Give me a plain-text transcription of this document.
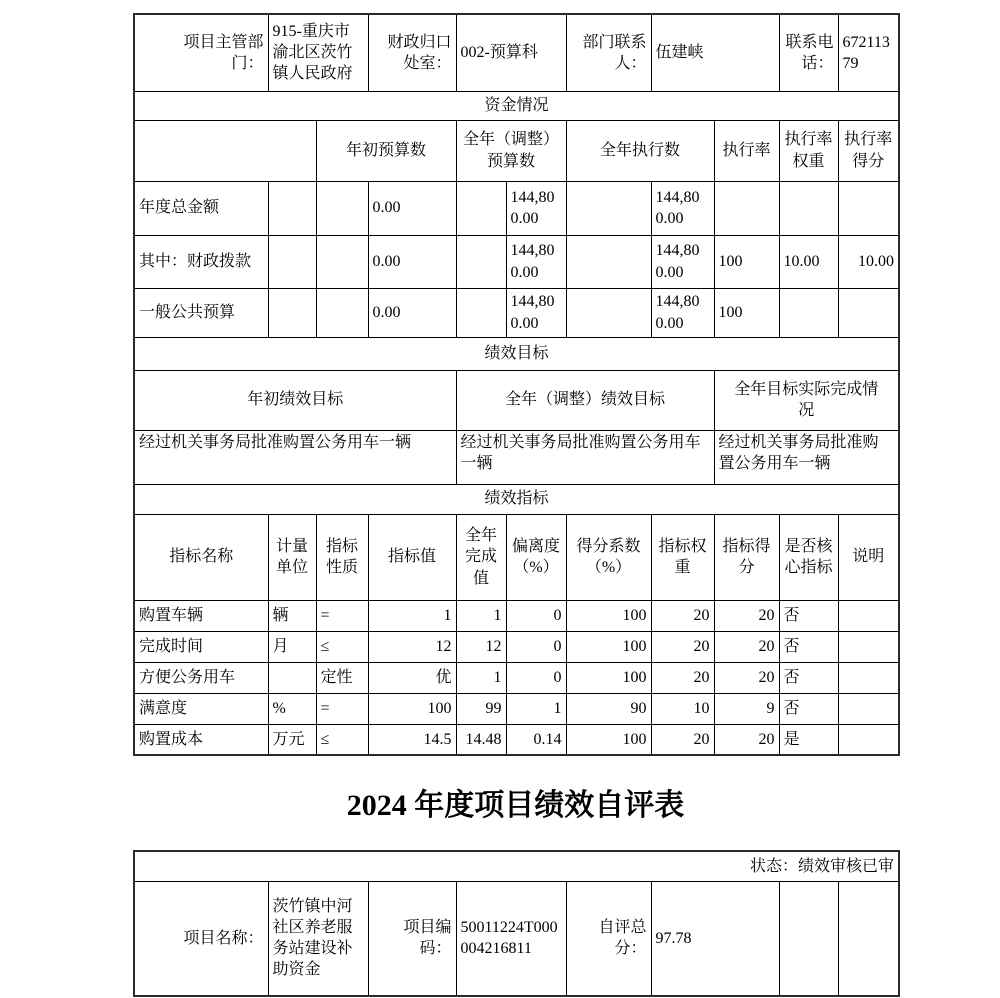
项目主管部门：	915-重庆市渝北区茨竹镇人民政府		财政归口处室：	002-预算科		部门联系人：	伍建峡		联系电话：	67211379
资金情况										
		年初预算数		全年（调整）预算数		全年执行数		执行率	执行率权重	执行率得分
年度总金额			0.00		144,800.00		144,800.00			
其中：财政拨款			0.00		144,800.00		144,800.00	100	10.00	10.00
一般公共预算			0.00		144,800.00		144,800.00	100		
绩效目标										
年初绩效目标				全年（调整）绩效目标				全年目标实际完成情况		
经过机关事务局批准购置公务用车一辆				经过机关事务局批准购置公务用车一辆				经过机关事务局批准购置公务用车一辆		
绩效指标										
指标名称	计量单位	指标性质	指标值	全年完成值	偏离度（%）	得分系数（%）	指标权重	指标得分	是否核心指标	说明
购置车辆	辆	=	1	1	0	100	20	20	否	
完成时间	月	≤	12	12	0	100	20	20	否	
方便公务用车		定性	优	1	0	100	20	20	否	
满意度	%	=	100	99	1	90	10	9	否	
购置成本	万元	≤	14.5	14.48	0.14	100	20	20	是	
2024 年度项目绩效自评表
状态：绩效审核已审
项目名称：	茨竹镇中河社区养老服务站建设补助资金	项目编码：	50011224T000004216811	自评总分：	97.78		
